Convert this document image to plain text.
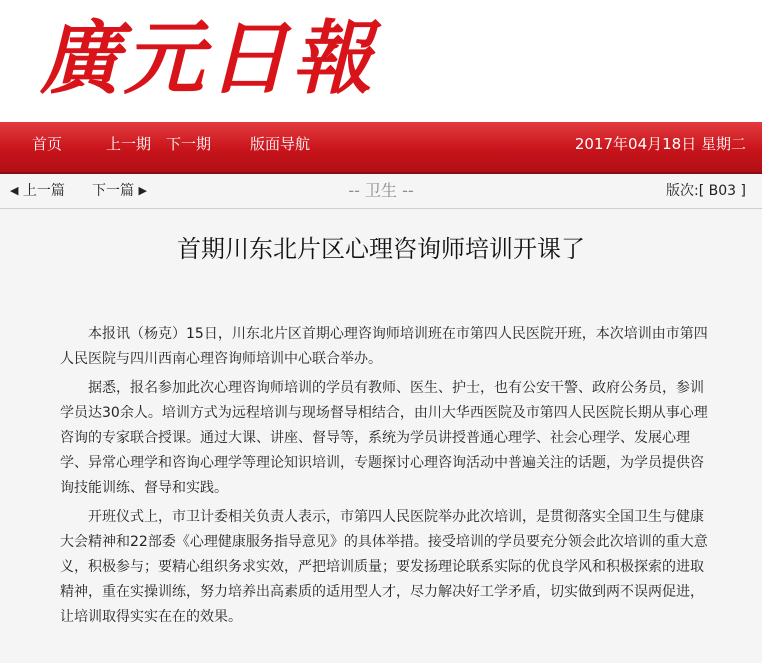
廣元日報
首页	上一期 下一期	版面导航	2017年04月18日 星期二
◀ 上一篇 下一篇 ▶	-- 卫生 --	版次:[ B03 ]
首期川东北片区心理咨询师培训开课了

本报讯（杨克）15日，川东北片区首期心理咨询师培训班在市第四人民医院开班，本次培训由市第四人民医院与四川西南心理咨询师培训中心联合举办。

据悉，报名参加此次心理咨询师培训的学员有教师、医生、护士，也有公安干警、政府公务员，参训学员达30余人。培训方式为远程培训与现场督导相结合，由川大华西医院及市第四人民医院长期从事心理咨询的专家联合授课。通过大课、讲座、督导等，系统为学员讲授普通心理学、社会心理学、发展心理学、异常心理学和咨询心理学等理论知识培训，专题探讨心理咨询活动中普遍关注的话题，为学员提供咨询技能训练、督导和实践。

开班仪式上，市卫计委相关负责人表示，市第四人民医院举办此次培训，是贯彻落实全国卫生与健康大会精神和22部委《心理健康服务指导意见》的具体举措。接受培训的学员要充分领会此次培训的重大意义，积极参与；要精心组织务求实效，严把培训质量；要发扬理论联系实际的优良学风和积极探索的进取精神，重在实操训练，努力培养出高素质的适用型人才，尽力解决好工学矛盾，切实做到两不误两促进，让培训取得实实在在的效果。
